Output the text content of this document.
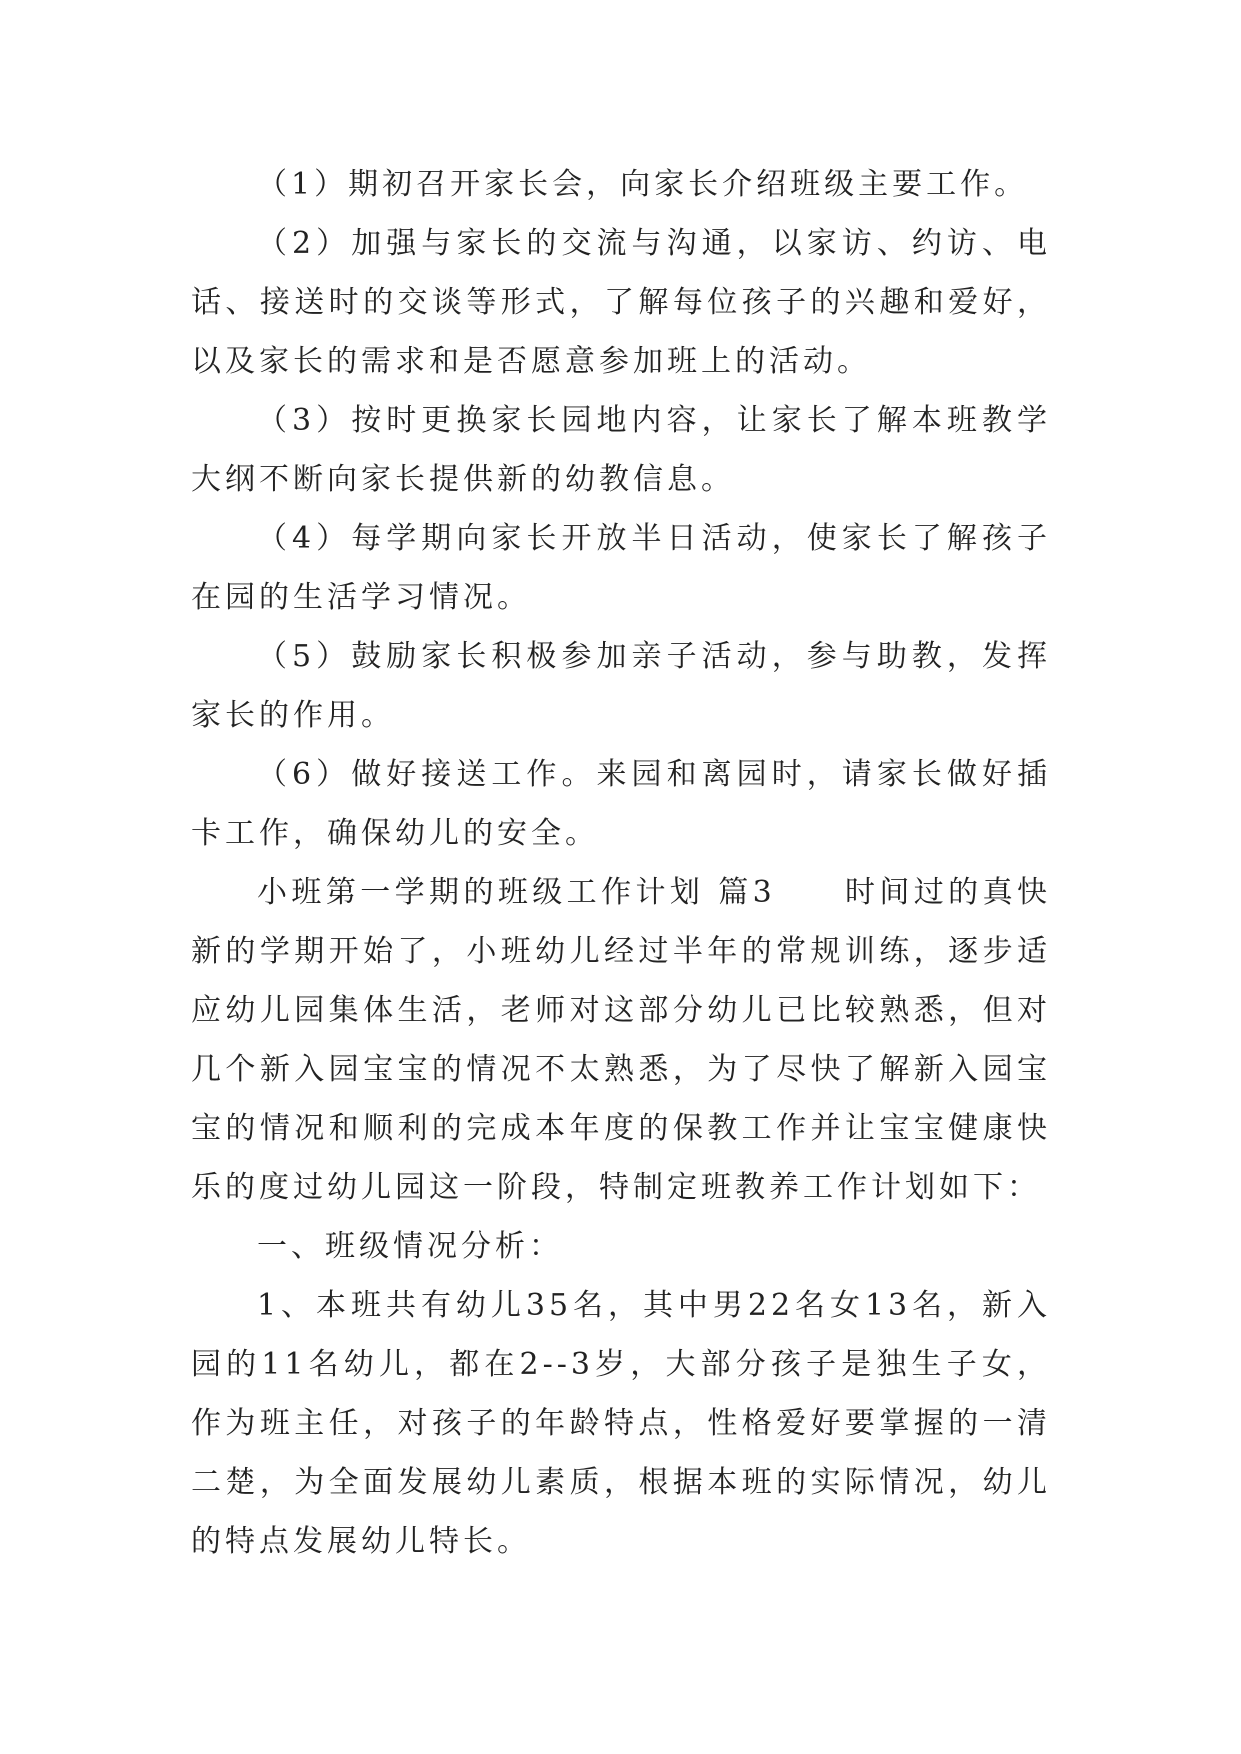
（1）期初召开家长会，向家长介绍班级主要工作。

（2）加强与家长的交流与沟通，以家访、约访、电话、接送时的交谈等形式，了解每位孩子的兴趣和爱好，以及家长的需求和是否愿意参加班上的活动。

（3）按时更换家长园地内容，让家长了解本班教学大纲不断向家长提供新的幼教信息。

（4）每学期向家长开放半日活动，使家长了解孩子在园的生活学习情况。

（5）鼓励家长积极参加亲子活动，参与助教，发挥家长的作用。

（6）做好接送工作。来园和离园时，请家长做好插卡工作，确保幼儿的安全。

小班第一学期的班级工作计划 篇3　　时间过的真快新的学期开始了，小班幼儿经过半年的常规训练，逐步适应幼儿园集体生活，老师对这部分幼儿已比较熟悉，但对几个新入园宝宝的情况不太熟悉，为了尽快了解新入园宝宝的情况和顺利的完成本年度的保教工作并让宝宝健康快乐的度过幼儿园这一阶段，特制定班教养工作计划如下：

一、班级情况分析：

1、本班共有幼儿35名，其中男22名女13名，新入园的11名幼儿，都在2--3岁，大部分孩子是独生子女，作为班主任，对孩子的年龄特点，性格爱好要掌握的一清二楚，为全面发展幼儿素质，根据本班的实际情况，幼儿的特点发展幼儿特长。
